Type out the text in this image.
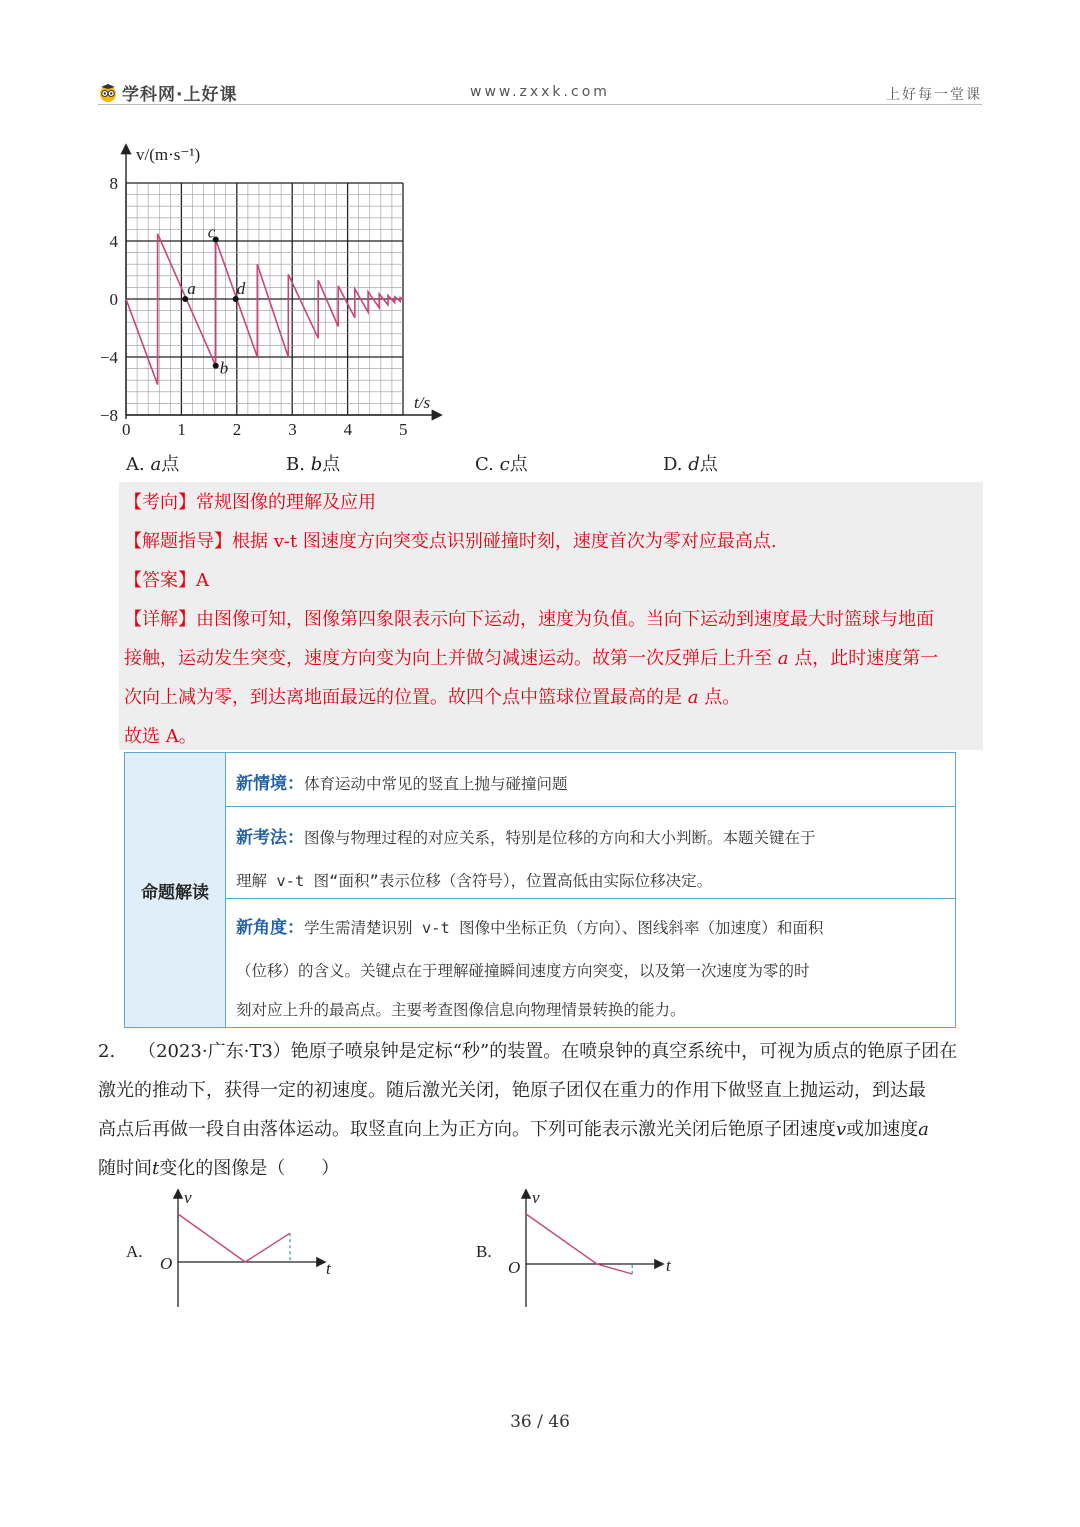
学科网·上好课	www.zxxk.com	上好每一堂课
v/(m·s⁻¹)
t/s
0	1	2	3	4	5
8
4
0
−4
−8
a
b
c
d
A. a点	B. b点	C. c点	D. d点
【考向】常规图像的理解及应用
【解题指导】根据 v-t 图速度方向突变点识别碰撞时刻，速度首次为零对应最高点.
【答案】A
【详解】由图像可知，图像第四象限表示向下运动，速度为负值。当向下运动到速度最大时篮球与地面
接触，运动发生突变，速度方向变为向上并做匀减速运动。故第一次反弹后上升至 a 点，此时速度第一
次向上减为零，到达离地面最远的位置。故四个点中篮球位置最高的是 a 点。
故选 A。
命题解读
新情境：体育运动中常见的竖直上抛与碰撞问题
新考法：图像与物理过程的对应关系，特别是位移的方向和大小判断。本题关键在于
理解 v-t 图“面积”表示位移（含符号），位置高低由实际位移决定。
新角度：学生需清楚识别 v-t 图像中坐标正负（方向）、图线斜率（加速度）和面积
（位移）的含义。关键点在于理解碰撞瞬间速度方向突变，以及第一次速度为零的时
刻对应上升的最高点。主要考查图像信息向物理情景转换的能力。
2. （2023·广东·T3）铯原子喷泉钟是定标“秒”的装置。在喷泉钟的真空系统中，可视为质点的铯原子团在
激光的推动下，获得一定的初速度。随后激光关闭，铯原子团仅在重力的作用下做竖直上抛运动，到达最
高点后再做一段自由落体运动。取竖直向上为正方向。下列可能表示激光关闭后铯原子团速度v或加速度a
随时间t变化的图像是（　　）
A.
v
t
O
B.
v
t
O
36 / 46
